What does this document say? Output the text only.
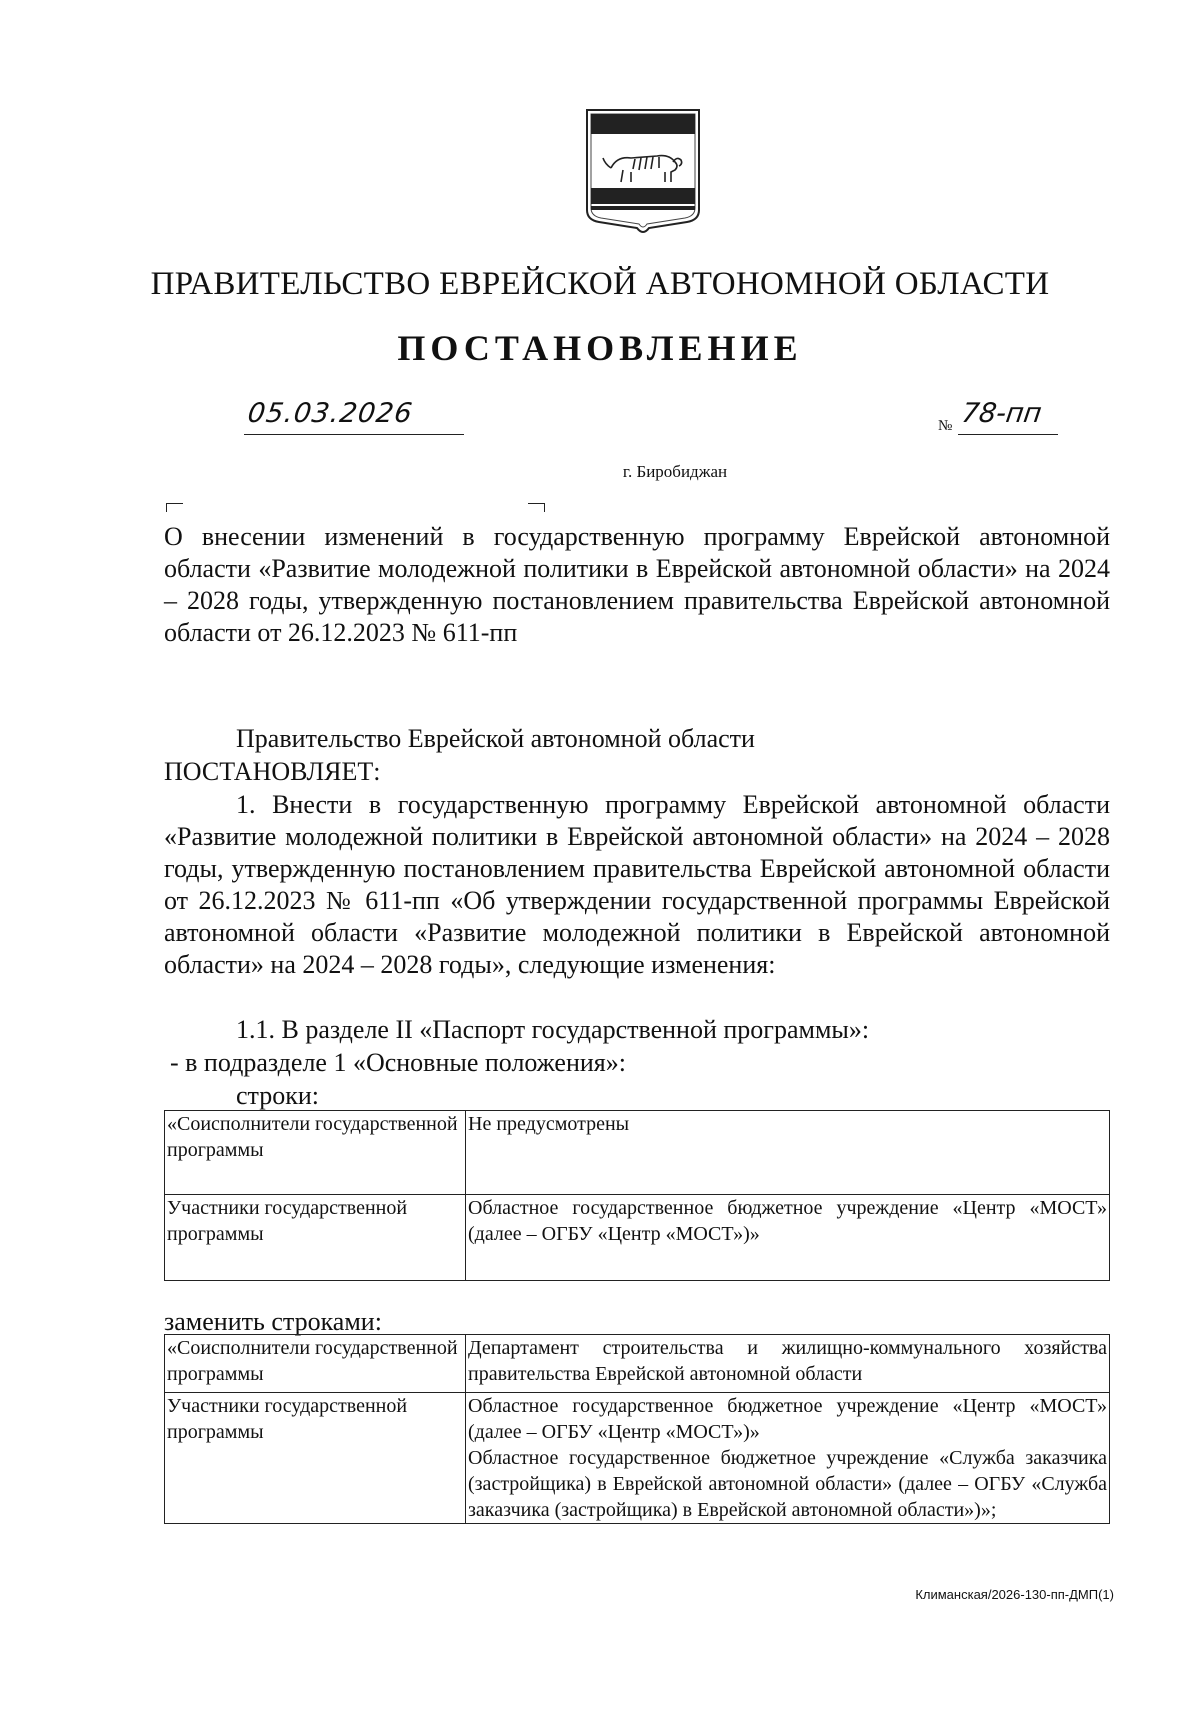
ПРАВИТЕЛЬСТВО ЕВРЕЙСКОЙ АВТОНОМНОЙ ОБЛАСТИ
ПОСТАНОВЛЕНИЕ
05.03.2026	№ 78-пп
г. Биробиджан
О внесении изменений в государственную программу Еврейской автономной области «Развитие молодежной политики в Еврейской автономной области» на 2024 – 2028 годы, утвержденную постановлением правительства Еврейской автономной области от 26.12.2023 № 611-пп
Правительство Еврейской автономной области
ПОСТАНОВЛЯЕТ:

1. Внести в государственную программу Еврейской автономной области «Развитие молодежной политики в Еврейской автономной области» на 2024 – 2028 годы, утвержденную постановлением правительства Еврейской автономной области от 26.12.2023 № 611-пп «Об утверждении государственной программы Еврейской автономной области «Развитие молодежной политики в Еврейской автономной области» на 2024 – 2028 годы», следующие изменения:

1.1. В разделе II «Паспорт государственной программы»:
- в подразделе 1 «Основные положения»:
строки:
«Соисполнители государственной программы	Не предусмотрены
Участники государственной программы	Областное государственное бюджетное учреждение «Центр «МОСТ» (далее – ОГБУ «Центр «МОСТ»)»
заменить строками:
«Соисполнители государственной программы	Департамент строительства и жилищно-коммунального хозяйства правительства Еврейской автономной области
Участники государственной программы	Областное государственное бюджетное учреждение «Центр «МОСТ» (далее – ОГБУ «Центр «МОСТ»)»
Областное государственное бюджетное учреждение «Служба заказчика (застройщика) в Еврейской автономной области» (далее – ОГБУ «Служба заказчика (застройщика) в Еврейской автономной области»)»;
Климанская/2026-130-пп-ДМП(1)
